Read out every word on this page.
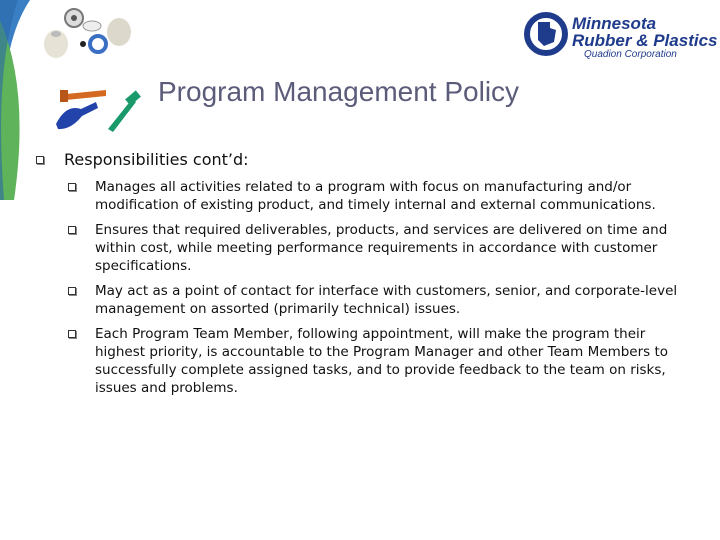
Minnesota
Rubber & Plastics
Quadion Corporation
Program Management Policy
Responsibilities cont’d:
Manages all activities related to a program with focus on manufacturing and/or modification of existing product, and timely internal and external communications.
Ensures that required deliverables, products, and services are delivered on time and within cost, while meeting performance requirements in accordance with customer specifications.
May act as a point of contact for interface with customers, senior, and corporate-level management on assorted (primarily technical) issues.
Each Program Team Member, following appointment, will make the program their highest priority, is accountable to the Program Manager and other Team Members to successfully complete assigned tasks, and to provide feedback to the team on risks, issues and problems.
